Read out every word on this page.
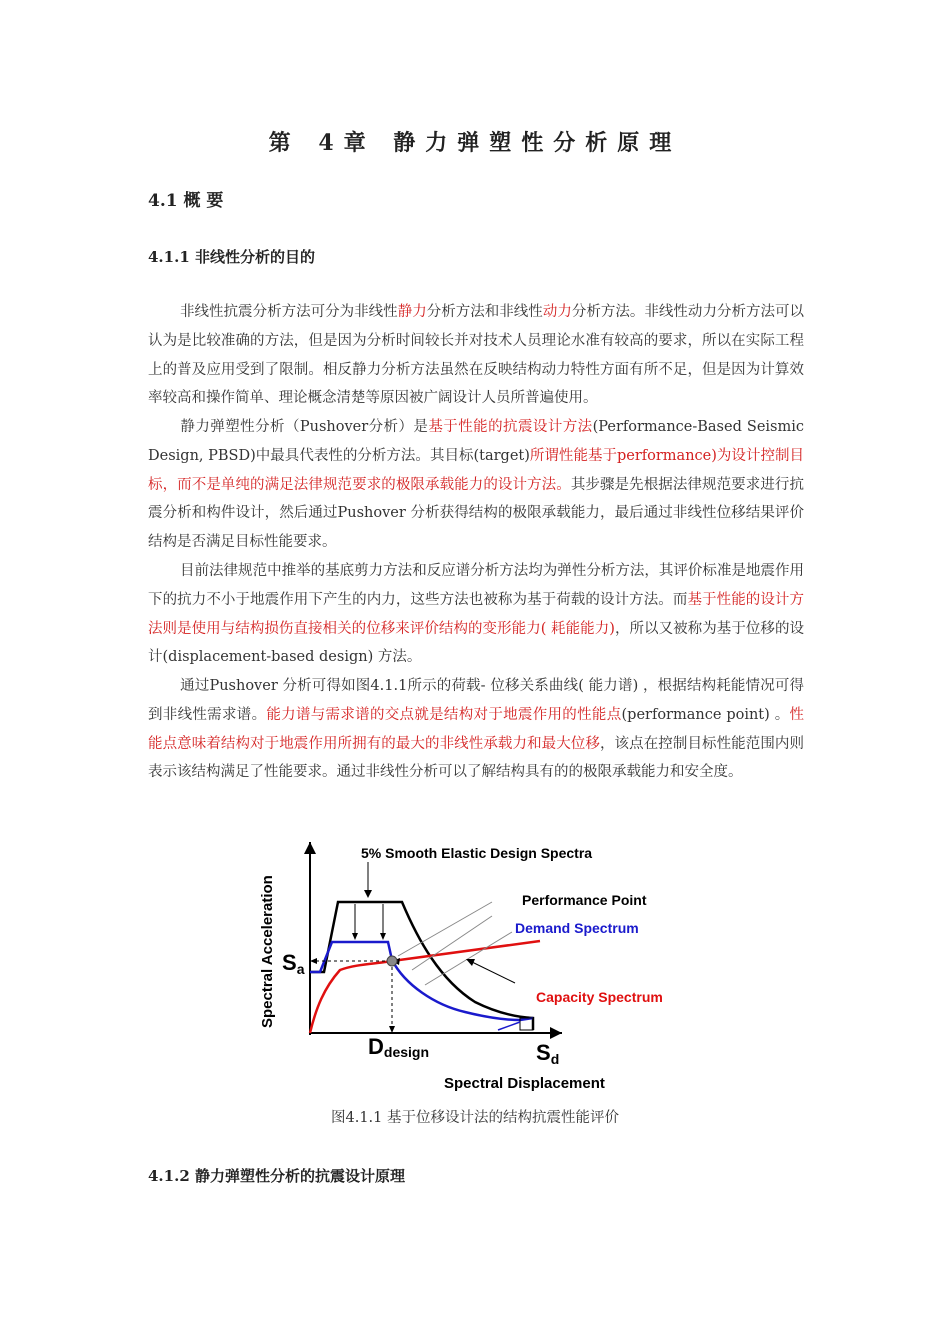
第 4章 静力弹塑性分析原理
4.1 概 要
4.1.1 非线性分析的目的
非线性抗震分析方法可分为非线性静力分析方法和非线性动力分析方法。非线性动力分析方法可以认为是比较准确的方法，但是因为分析时间较长并对技术人员理论水准有较高的要求，所以在实际工程上的普及应用受到了限制。相反静力分析方法虽然在反映结构动力特性方面有所不足，但是因为计算效率较高和操作简单、理论概念清楚等原因被广阔设计人员所普遍使用。
静力弹塑性分析（Pushover分析）是基于性能的抗震设计方法(Performance-Based Seismic Design, PBSD)中最具代表性的分析方法。其目标(target)所谓性能基于performance)为设计控制目标，而不是单纯的满足法律规范要求的极限承载能力的设计方法。其步骤是先根据法律规范要求进行抗震分析和构件设计，然后通过Pushover 分析获得结构的极限承载能力，最后通过非线性位移结果评价结构是否满足目标性能要求。
目前法律规范中推举的基底剪力方法和反应谱分析方法均为弹性分析方法，其评价标准是地震作用下的抗力不小于地震作用下产生的内力，这些方法也被称为基于荷载的设计方法。而基于性能的设计方法则是使用与结构损伤直接相关的位移来评价结构的变形能力( 耗能能力)，所以又被称为基于位移的设计(displacement-based design) 方法。
通过Pushover 分析可得如图4.1.1所示的荷载- 位移关系曲线( 能力谱) ，根据结构耗能情况可得到非线性需求谱。能力谱与需求谱的交点就是结构对于地震作用的性能点(performance point) 。性能点意味着结构对于地震作用所拥有的最大的非线性承载力和最大位移，该点在控制目标性能范围内则表示该结构满足了性能要求。通过非线性分析可以了解结构具有的的极限承载能力和安全度。
5% Smooth Elastic Design Spectra
Performance Point
Demand Spectrum
Capacity Spectrum
Spectral Acceleration
Spectral Displacement
Sa
Ddesign	Sd
图4.1.1 基于位移设计法的结构抗震性能评价
4.1.2 静力弹塑性分析的抗震设计原理
